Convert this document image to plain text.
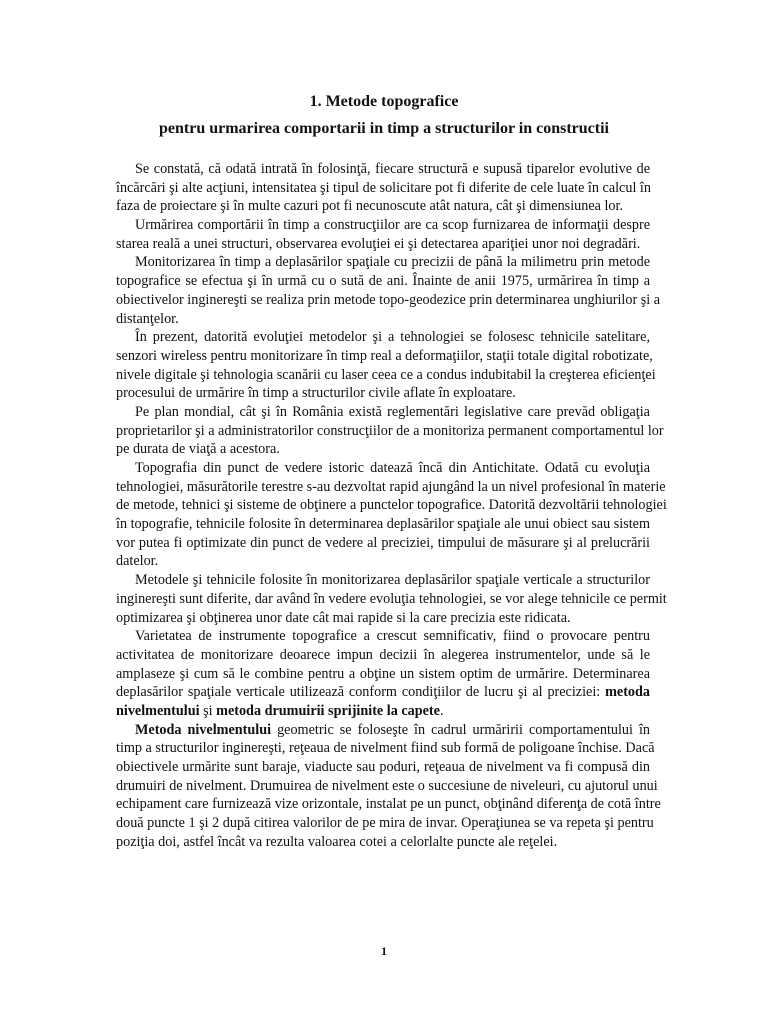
1. Metode topografice
pentru urmarirea comportarii in timp a structurilor in constructii

Se constată, că odată intrată în folosinţă, fiecare structură e supusă tiparelor evolutive de
încărcări şi alte acţiuni, intensitatea şi tipul de solicitare pot fi diferite de cele luate în calcul în
faza de proiectare şi în multe cazuri pot fi necunoscute atât natura, cât şi dimensiunea lor.

Urmărirea comportării în timp a construcţiilor are ca scop furnizarea de informaţii despre
starea reală a unei structuri, observarea evoluţiei ei şi detectarea apariţiei unor noi degradări.

Monitorizarea în timp a deplasărilor spaţiale cu precizii de până la milimetru prin metode
topografice se efectua şi în urmă cu o sută de ani. Înainte de anii 1975, urmărirea în timp a
obiectivelor inginereşti se realiza prin metode topo-geodezice prin determinarea unghiurilor şi a
distanţelor.

În prezent, datorită evoluţiei metodelor şi a tehnologiei se folosesc tehnicile satelitare,
senzori wireless pentru monitorizare în timp real a deformaţiilor, staţii totale digital robotizate,
nivele digitale şi tehnologia scanării cu laser ceea ce a condus indubitabil la creşterea eficienţei
procesului de urmărire în timp a structurilor civile aflate în exploatare.

Pe plan mondial, cât şi în România există reglementări legislative care prevăd obligaţia
proprietarilor şi a administratorilor construcţiilor de a monitoriza permanent comportamentul lor
pe durata de viaţă a acestora.

Topografia din punct de vedere istoric datează încă din Antichitate. Odată cu evoluţia
tehnologiei, măsurătorile terestre s-au dezvoltat rapid ajungând la un nivel profesional în materie
de metode, tehnici şi sisteme de obţinere a punctelor topografice. Datorită dezvoltării tehnologiei
în topografie, tehnicile folosite în determinarea deplasărilor spaţiale ale unui obiect sau sistem
vor putea fi optimizate din punct de vedere al preciziei, timpului de măsurare şi al prelucrării
datelor.

Metodele şi tehnicile folosite în monitorizarea deplasărilor spaţiale verticale a structurilor
inginereşti sunt diferite, dar având în vedere evoluţia tehnologiei, se vor alege tehnicile ce permit
optimizarea şi obţinerea unor date cât mai rapide si la care precizia este ridicata.

Varietatea de instrumente topografice a crescut semnificativ, fiind o provocare pentru
activitatea de monitorizare deoarece impun decizii în alegerea instrumentelor, unde să le
amplaseze şi cum să le combine pentru a obţine un sistem optim de urmărire. Determinarea
deplasărilor spaţiale verticale utilizează conform condiţiilor de lucru şi al preciziei: metoda
nivelmentului şi metoda drumuirii sprijinite la capete.

Metoda nivelmentului geometric se foloseşte în cadrul urmăririi comportamentului în
timp a structurilor inginereşti, reţeaua de nivelment fiind sub formă de poligoane închise. Dacă
obiectivele urmărite sunt baraje, viaducte sau poduri, reţeaua de nivelment va fi compusă din
drumuiri de nivelment. Drumuirea de nivelment este o succesiune de niveleuri, cu ajutorul unui
echipament care furnizează vize orizontale, instalat pe un punct, obţinând diferenţa de cotă între
două puncte 1 şi 2 după citirea valorilor de pe mira de invar. Operaţiunea se va repeta şi pentru
poziţia doi, astfel încât va rezulta valoarea cotei a celorlalte puncte ale reţelei.

1
